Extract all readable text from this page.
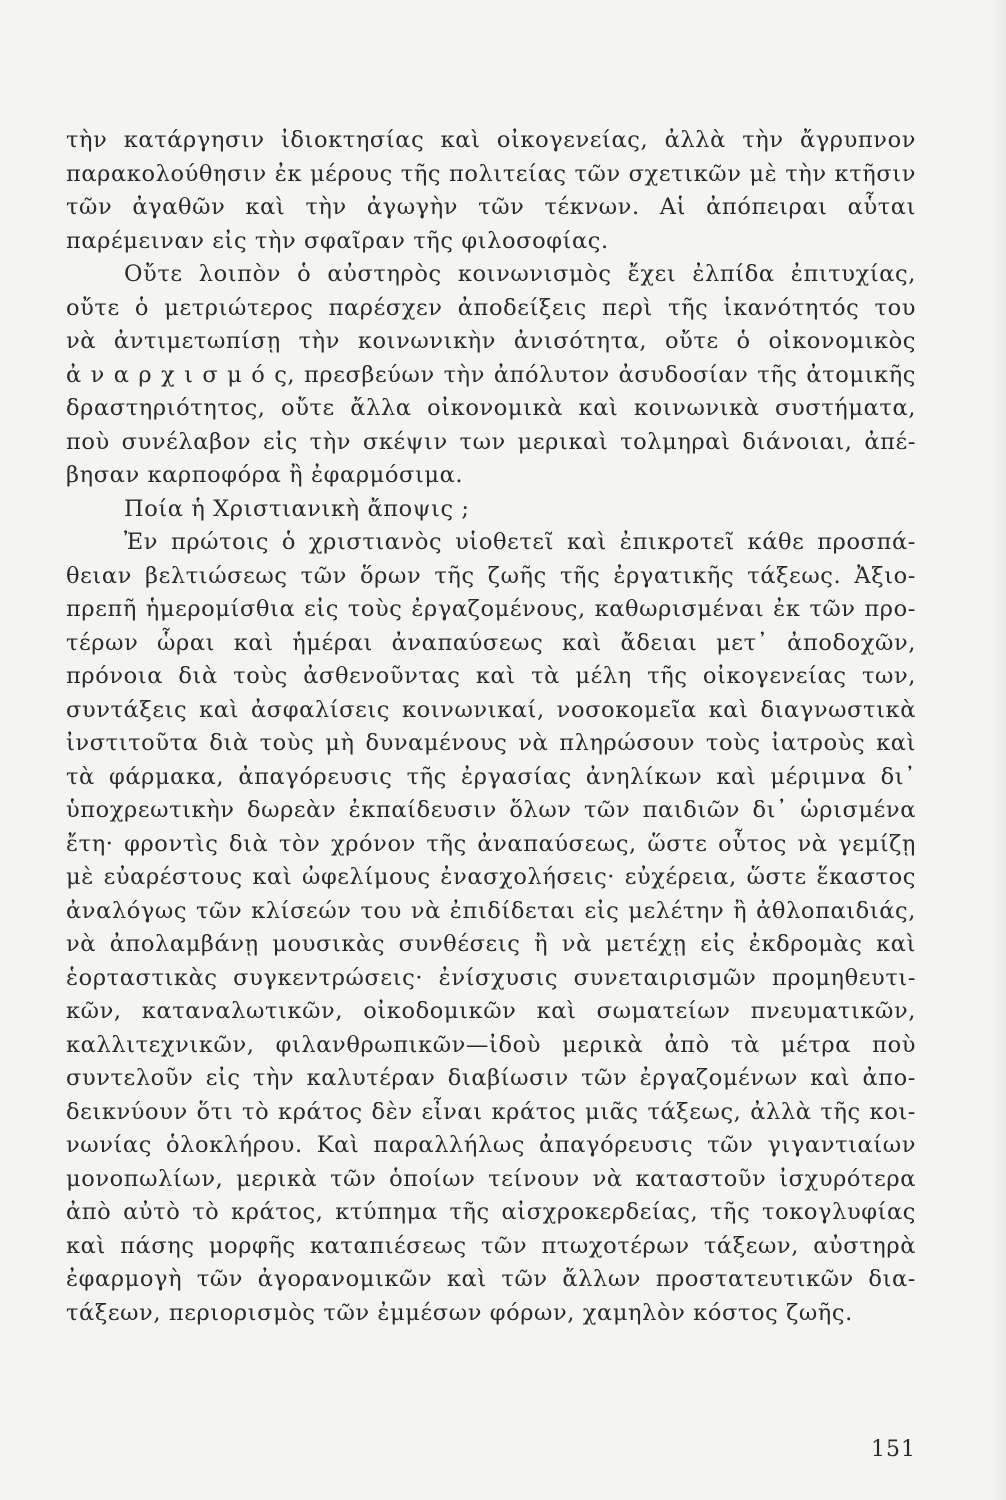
τὴν κατάργησιν ἰδιοκτησίας καὶ οἰκογενείας, ἀλλὰ τὴν ἄγρυπνον
παρακολούθησιν ἐκ μέρους τῆς πολιτείας τῶν σχετικῶν μὲ τὴν κτῆσιν
τῶν ἀγαθῶν καὶ τὴν ἀγωγὴν τῶν τέκνων. Αἱ ἀπόπειραι αὗται
παρέμειναν εἰς τὴν σφαῖραν τῆς φιλοσοφίας.
Οὔτε λοιπὸν ὁ αὐστηρὸς κοινωνισμὸς ἔχει ἐλπίδα ἐπιτυχίας,
οὔτε ὁ μετριώτερος παρέσχεν ἀποδείξεις περὶ τῆς ἱκανότητός του
νὰ ἀντιμετωπίσῃ τὴν κοινωνικὴν ἀνισότητα, οὔτε ὁ οἰκονομικὸς
ἀ ν α ρ χ ι σ μ ό ς, πρεσβεύων τὴν ἀπόλυτον ἀσυδοσίαν τῆς ἀτομικῆς
δραστηριότητος, οὔτε ἄλλα οἰκονομικὰ καὶ κοινωνικὰ συστήματα,
ποὺ συνέλαβον εἰς τὴν σκέψιν των μερικαὶ τολμηραὶ διάνοιαι, ἀπέ-
βησαν καρποφόρα ἢ ἐφαρμόσιμα.
Ποία ἡ Χριστιανικὴ ἄποψις ;
Ἐν πρώτοις ὁ χριστιανὸς υἱοθετεῖ καὶ ἐπικροτεῖ κάθε προσπά-
θειαν βελτιώσεως τῶν ὅρων τῆς ζωῆς τῆς ἐργατικῆς τάξεως. Ἀξιο-
πρεπῆ ἡμερομίσθια εἰς τοὺς ἐργαζομένους, καθωρισμέναι ἐκ τῶν προ-
τέρων ὧραι καὶ ἡμέραι ἀναπαύσεως καὶ ἄδειαι μετ᾽ ἀποδοχῶν,
πρόνοια διὰ τοὺς ἀσθενοῦντας καὶ τὰ μέλη τῆς οἰκογενείας των,
συντάξεις καὶ ἀσφαλίσεις κοινωνικαί, νοσοκομεῖα καὶ διαγνωστικὰ
ἰνστιτοῦτα διὰ τοὺς μὴ δυναμένους νὰ πληρώσουν τοὺς ἰατροὺς καὶ
τὰ φάρμακα, ἀπαγόρευσις τῆς ἐργασίας ἀνηλίκων καὶ μέριμνα δι᾽
ὑποχρεωτικὴν δωρεὰν ἐκπαίδευσιν ὅλων τῶν παιδιῶν δι᾽ ὡρισμένα
ἔτη· φροντὶς διὰ τὸν χρόνον τῆς ἀναπαύσεως, ὥστε οὗτος νὰ γεμίζῃ
μὲ εὐαρέστους καὶ ὠφελίμους ἐνασχολήσεις· εὐχέρεια, ὥστε ἕκαστος
ἀναλόγως τῶν κλίσεών του νὰ ἐπιδίδεται εἰς μελέτην ἢ ἀθλοπαιδιάς,
νὰ ἀπολαμβάνῃ μουσικὰς συνθέσεις ἢ νὰ μετέχῃ εἰς ἐκδρομὰς καὶ
ἑορταστικὰς συγκεντρώσεις· ἐνίσχυσις συνεταιρισμῶν προμηθευτι-
κῶν, καταναλωτικῶν, οἰκοδομικῶν καὶ σωματείων πνευματικῶν,
καλλιτεχνικῶν, φιλανθρωπικῶν—ἰδοὺ μερικὰ ἀπὸ τὰ μέτρα ποὺ
συντελοῦν εἰς τὴν καλυτέραν διαβίωσιν τῶν ἐργαζομένων καὶ ἀπο-
δεικνύουν ὅτι τὸ κράτος δὲν εἶναι κράτος μιᾶς τάξεως, ἀλλὰ τῆς κοι-
νωνίας ὁλοκλήρου. Καὶ παραλλήλως ἀπαγόρευσις τῶν γιγαντιαίων
μονοπωλίων, μερικὰ τῶν ὁποίων τείνουν νὰ καταστοῦν ἰσχυρότερα
ἀπὸ αὐτὸ τὸ κράτος, κτύπημα τῆς αἰσχροκερδείας, τῆς τοκογλυφίας
καὶ πάσης μορφῆς καταπιέσεως τῶν πτωχοτέρων τάξεων, αὐστηρὰ
ἐφαρμογὴ τῶν ἀγορανομικῶν καὶ τῶν ἄλλων προστατευτικῶν δια-
τάξεων, περιορισμὸς τῶν ἐμμέσων φόρων, χαμηλὸν κόστος ζωῆς.
151
